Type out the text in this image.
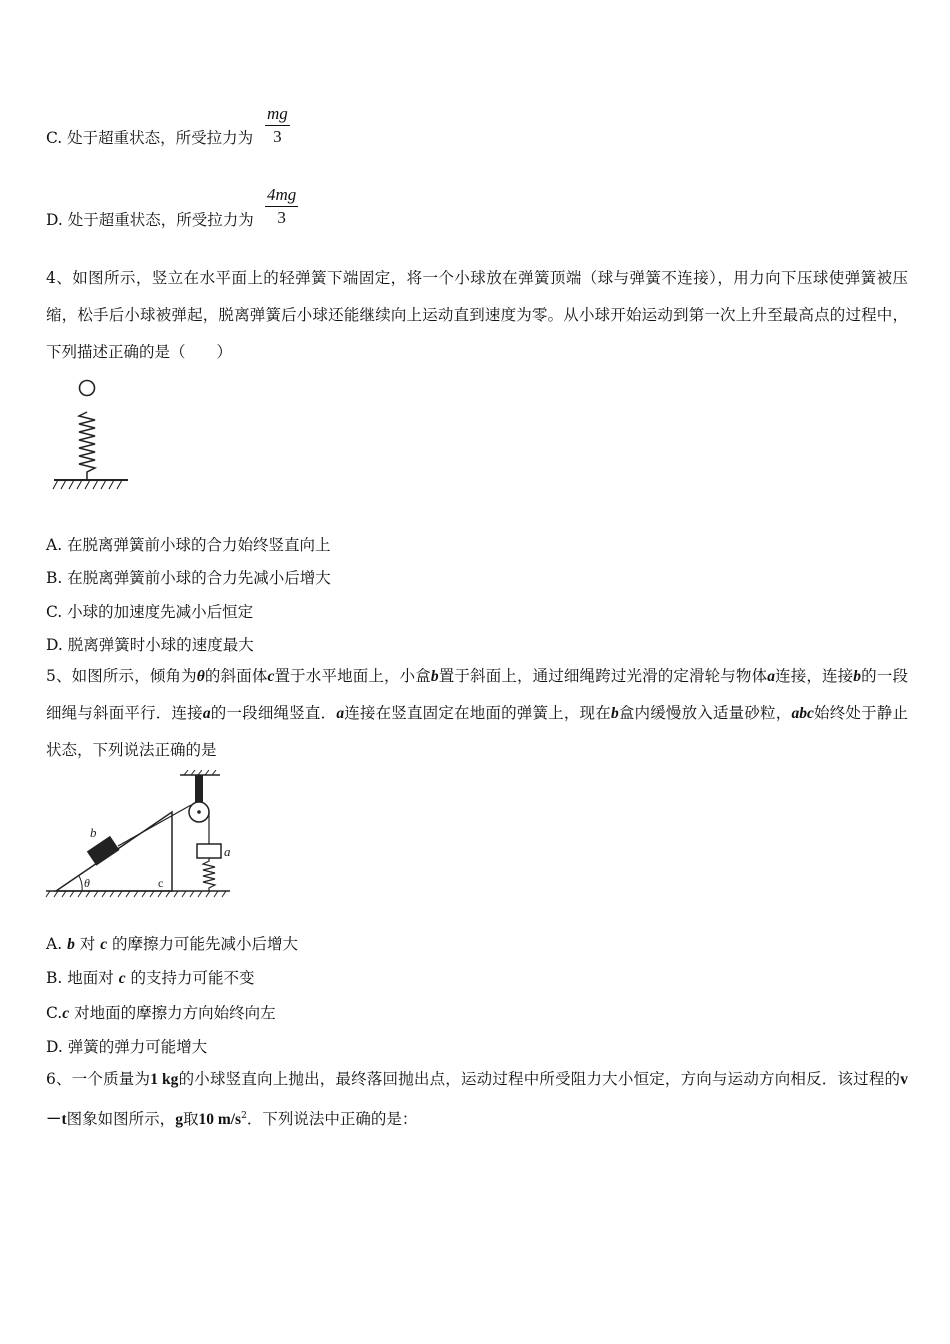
C. 处于超重状态，所受拉力为 $\frac{mg}{3}$
D. 处于超重状态，所受拉力为 $\frac{4mg}{3}$
4、如图所示，竖立在水平面上的轻弹簧下端固定，将一个小球放在弹簧顶端（球与弹簧不连接），用力向下压球使弹簧被压缩，松手后小球被弹起，脱离弹簧后小球还能继续向上运动直到速度为零。从小球开始运动到第一次上升至最高点的过程中，下列描述正确的是（　　）
A. 在脱离弹簧前小球的合力始终竖直向上
B. 在脱离弹簧前小球的合力先减小后增大
C. 小球的加速度先减小后恒定
D. 脱离弹簧时小球的速度最大
5、如图所示，倾角为θ的斜面体c置于水平地面上，小盒b置于斜面上，通过细绳跨过光滑的定滑轮与物体a连接，连接b的一段细绳与斜面平行．连接a的一段细绳竖直．a连接在竖直固定在地面的弹簧上，现在b盒内缓慢放入适量砂粒，abc始终处于静止状态，下列说法正确的是
b
θ	c
a
A. b 对 c 的摩擦力可能先减小后增大
B. 地面对 c 的支持力可能不变
C.c 对地面的摩擦力方向始终向左
D. 弹簧的弹力可能增大
6、一个质量为1 kg的小球竖直向上抛出，最终落回抛出点，运动过程中所受阻力大小恒定，方向与运动方向相反．该过程的v－t图象如图所示，g取10 $m/s^2$．下列说法中正确的是：
